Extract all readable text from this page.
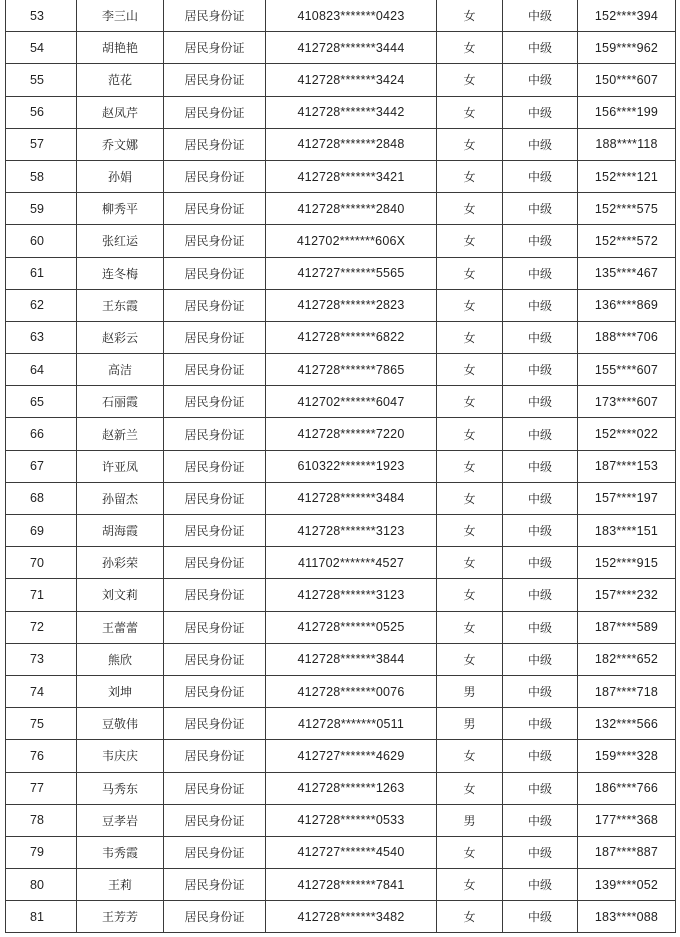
53	李三山	居民身份证	410823*******0423	女	中级	152****394
54	胡艳艳	居民身份证	412728*******3444	女	中级	159****962
55	范花	居民身份证	412728*******3424	女	中级	150****607
56	赵凤芹	居民身份证	412728*******3442	女	中级	156****199
57	乔文娜	居民身份证	412728*******2848	女	中级	188****118
58	孙娟	居民身份证	412728*******3421	女	中级	152****121
59	柳秀平	居民身份证	412728*******2840	女	中级	152****575
60	张红运	居民身份证	412702*******606X	女	中级	152****572
61	连冬梅	居民身份证	412727*******5565	女	中级	135****467
62	王东霞	居民身份证	412728*******2823	女	中级	136****869
63	赵彩云	居民身份证	412728*******6822	女	中级	188****706
64	高洁	居民身份证	412728*******7865	女	中级	155****607
65	石丽霞	居民身份证	412702*******6047	女	中级	173****607
66	赵新兰	居民身份证	412728*******7220	女	中级	152****022
67	许亚凤	居民身份证	610322*******1923	女	中级	187****153
68	孙留杰	居民身份证	412728*******3484	女	中级	157****197
69	胡海霞	居民身份证	412728*******3123	女	中级	183****151
70	孙彩荣	居民身份证	411702*******4527	女	中级	152****915
71	刘文莉	居民身份证	412728*******3123	女	中级	157****232
72	王蕾蕾	居民身份证	412728*******0525	女	中级	187****589
73	熊欣	居民身份证	412728*******3844	女	中级	182****652
74	刘坤	居民身份证	412728*******0076	男	中级	187****718
75	豆敬伟	居民身份证	412728*******0511	男	中级	132****566
76	韦庆庆	居民身份证	412727*******4629	女	中级	159****328
77	马秀东	居民身份证	412728*******1263	女	中级	186****766
78	豆孝岩	居民身份证	412728*******0533	男	中级	177****368
79	韦秀霞	居民身份证	412727*******4540	女	中级	187****887
80	王莉	居民身份证	412728*******7841	女	中级	139****052
81	王芳芳	居民身份证	412728*******3482	女	中级	183****088
